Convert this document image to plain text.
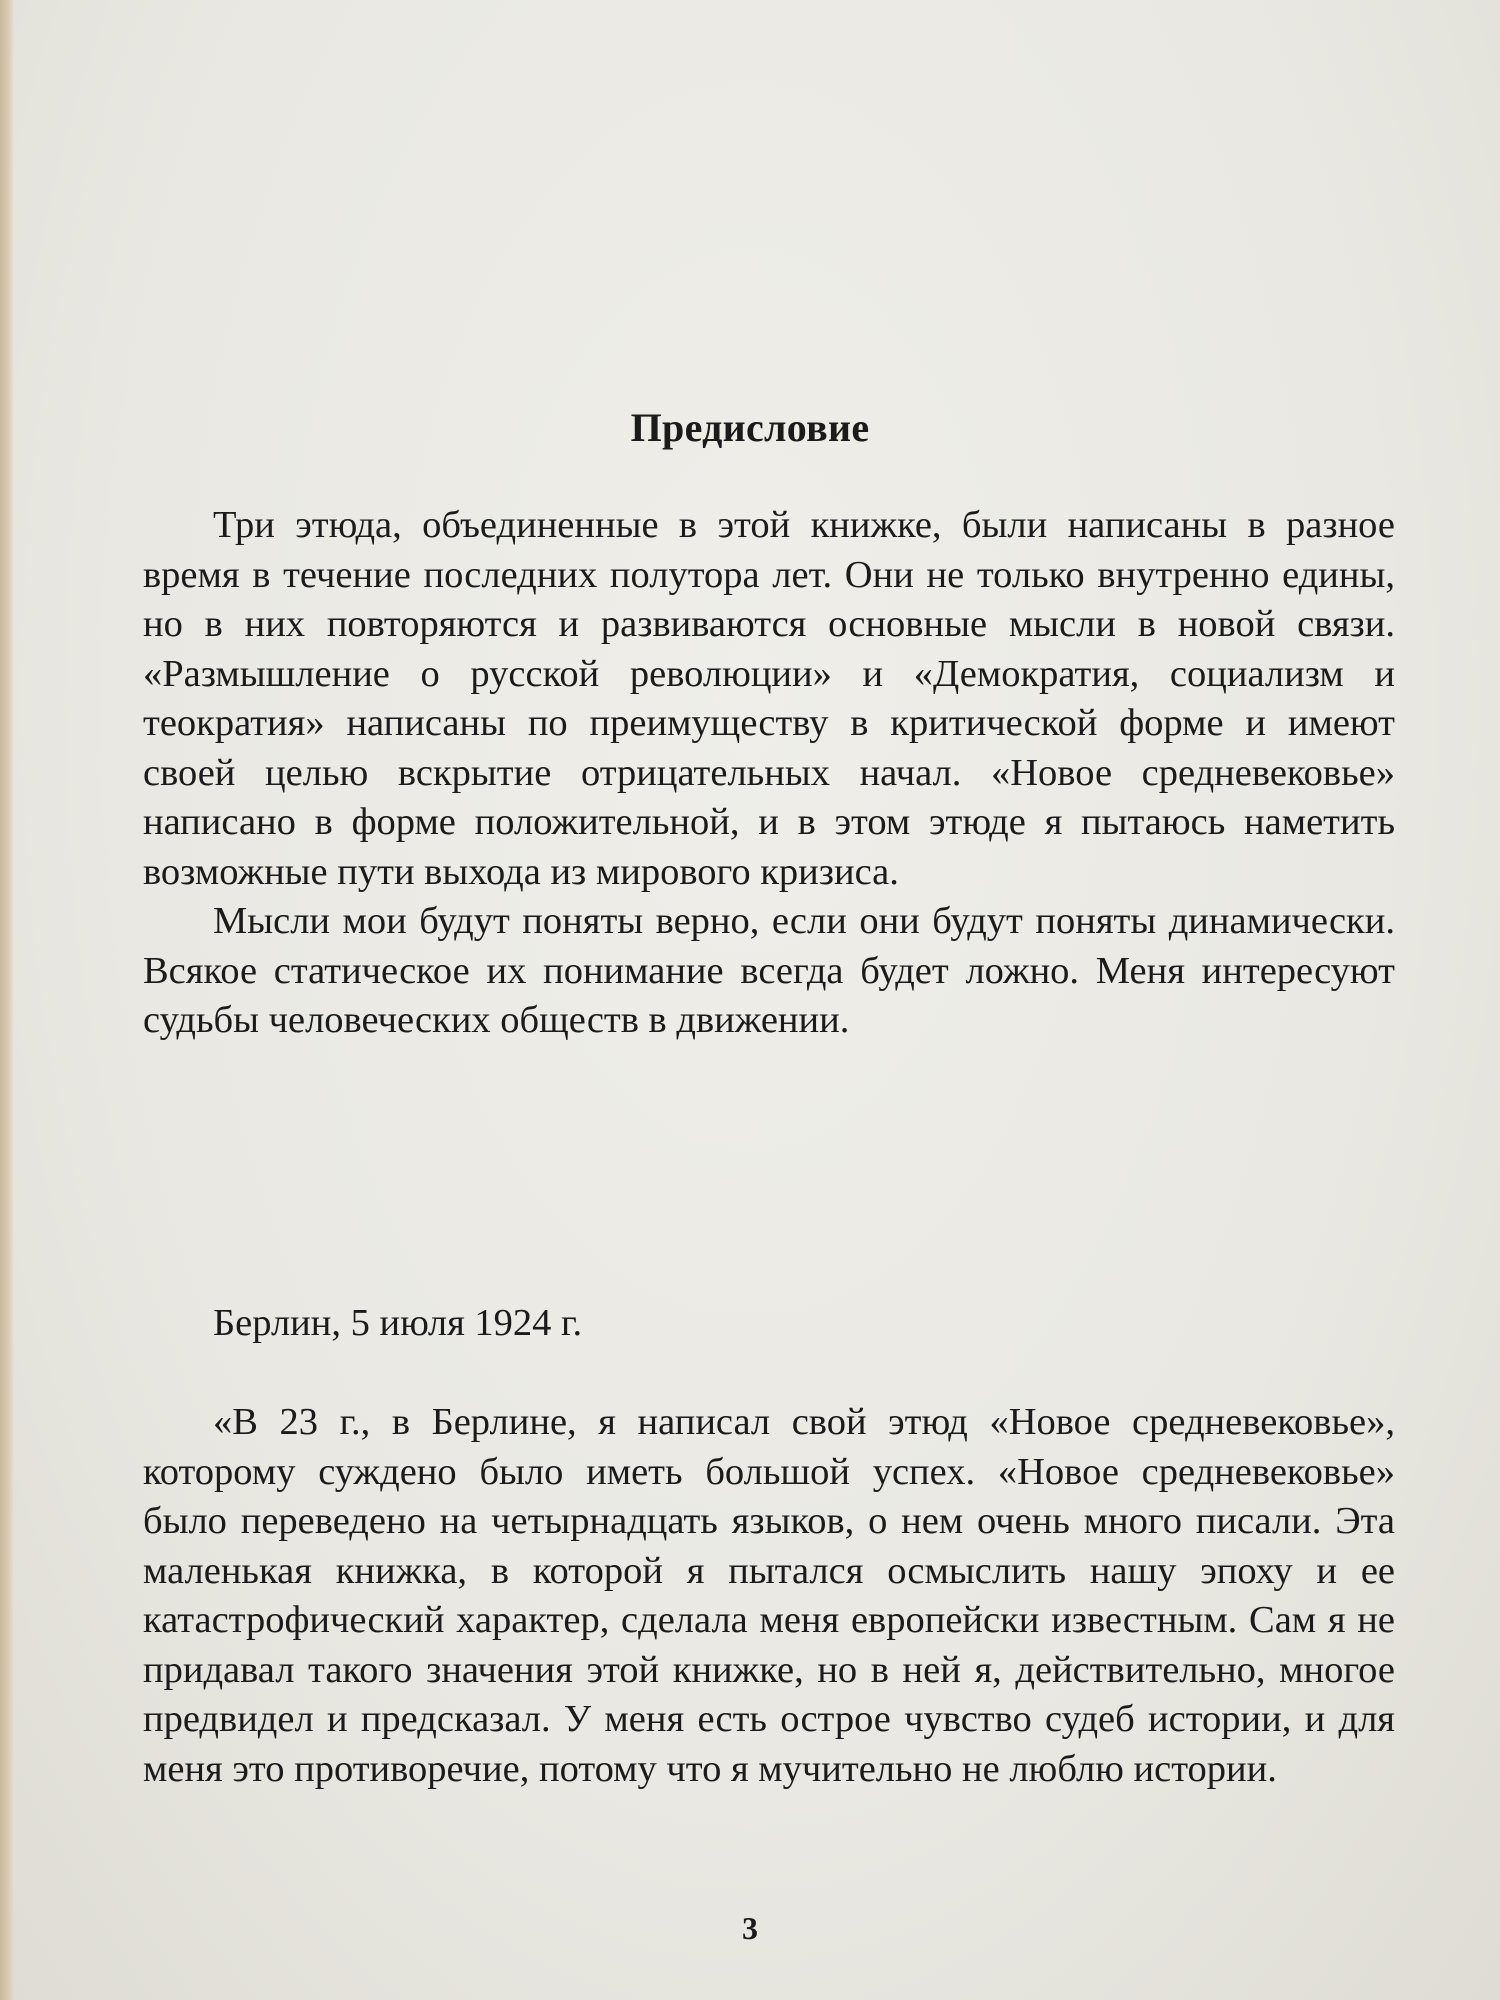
Предисловие

Три этюда, объединенные в этой книжке, были написаны в разное время в течение последних полутора лет. Они не только внутренно едины, но в них повторяются и развиваются основные мысли в новой связи. «Размышление о русской революции» и «Демократия, социализм и теократия» написаны по преимуществу в критической форме и имеют своей целью вскрытие отрицательных начал. «Новое средневековье» написано в форме положительной, и в этом этюде я пытаюсь наметить возможные пути выхода из мирового кризиса.

Мысли мои будут поняты верно, если они будут поняты динамически. Всякое статическое их понимание всегда будет ложно. Меня интересуют судьбы человеческих обществ в движении.

Берлин, 5 июля 1924 г.

«В 23 г., в Берлине, я написал свой этюд «Новое средневековье», которому суждено было иметь большой успех. «Новое средневековье» было переведено на четырнадцать языков, о нем очень много писали. Эта маленькая книжка, в которой я пытался осмыслить нашу эпоху и ее катастрофический характер, сделала меня европейски известным. Сам я не придавал такого значения этой книжке, но в ней я, действительно, многое предвидел и предсказал. У меня есть острое чувство судеб истории, и для меня это противоречие, потому что я мучительно не люблю истории.

3
